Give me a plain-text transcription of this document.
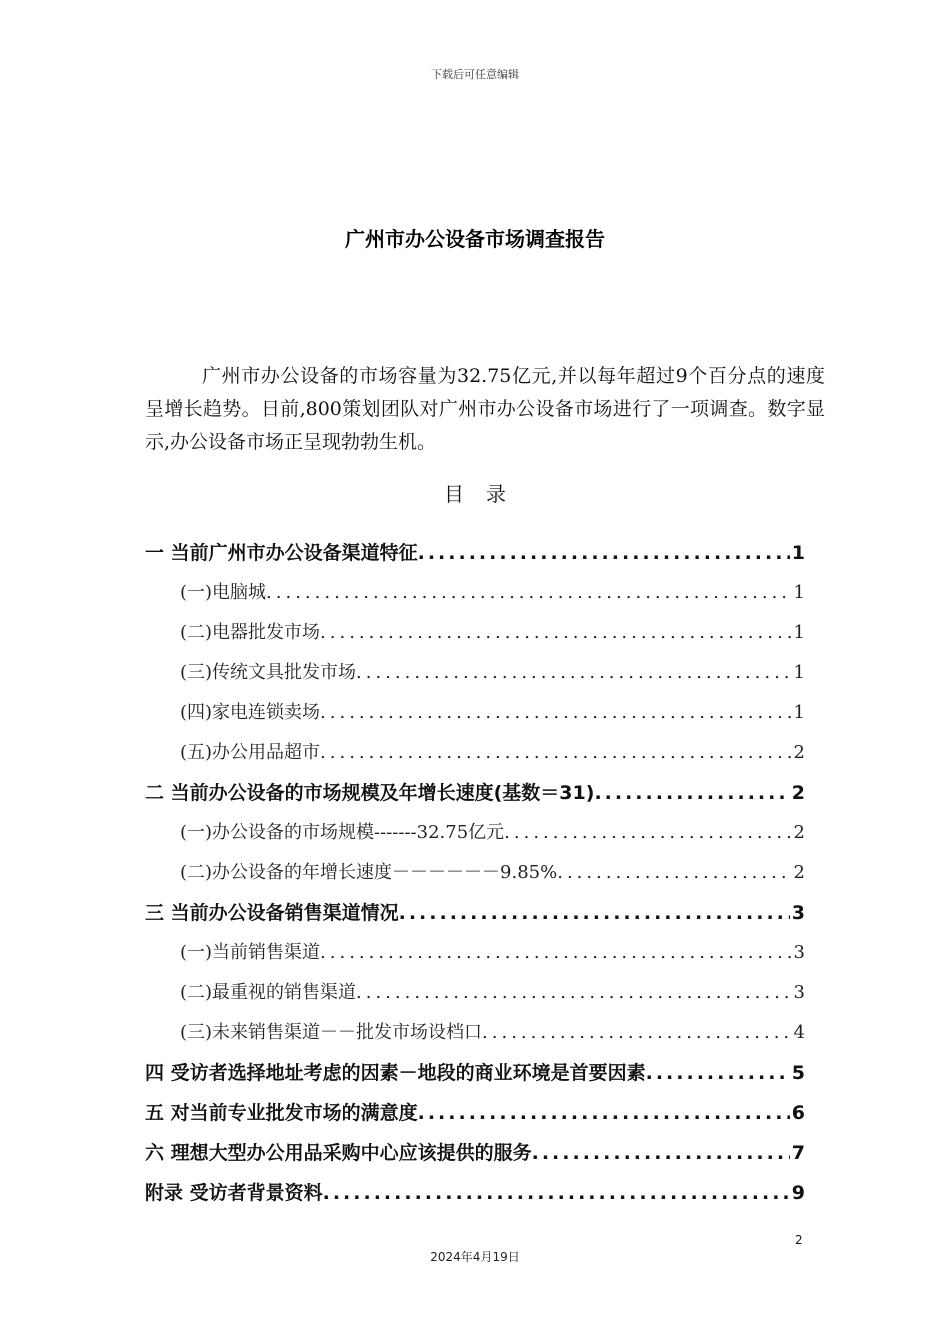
下载后可任意编辑
广州市办公设备市场调查报告

广州市办公设备的市场容量为32.75亿元,并以每年超过9个百分点的速度呈增长趋势。日前,800策划团队对广州市办公设备市场进行了一项调查。数字显示,办公设备市场正呈现勃勃生机。

目录
一 当前广州市办公设备渠道特征 .....	1
(一)电脑城 .....	1
(二)电器批发市场 .....	1
(三)传统文具批发市场 .....	1
(四)家电连锁卖场 .....	1
(五)办公用品超市 .....	2
二 当前办公设备的市场规模及年增长速度(基数＝31) .....	2
(一)办公设备的市场规模-------32.75亿元 .....	2
(二)办公设备的年增长速度－－－－－－9.85% .....	2
三 当前办公设备销售渠道情况 .....	3
(一)当前销售渠道 .....	3
(二)最重视的销售渠道 .....	3
(三)未来销售渠道－－批发市场设档口 .....	4
四 受访者选择地址考虑的因素－地段的商业环境是首要因素 .....	5
五 对当前专业批发市场的满意度 .....	6
六 理想大型办公用品采购中心应该提供的服务 .....	7
附录 受访者背景资料 .....	9
2
2024年4月19日
